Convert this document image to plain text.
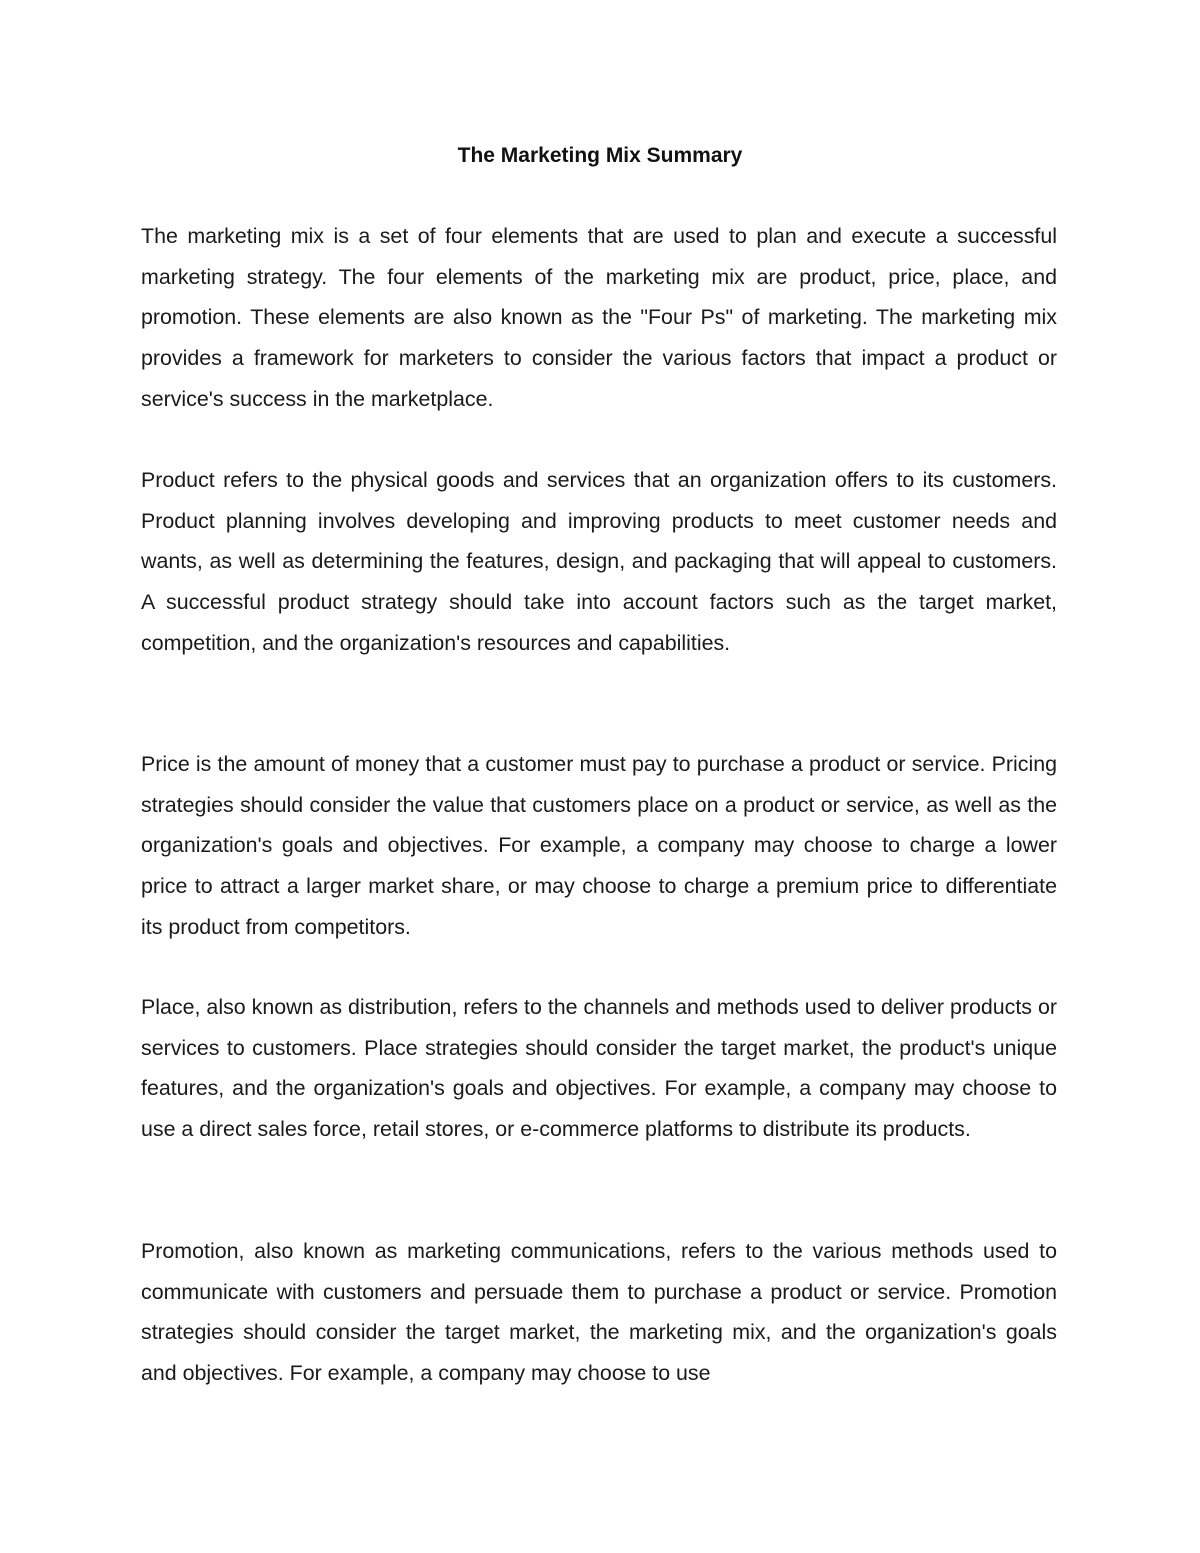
The Marketing Mix Summary

The marketing mix is a set of four elements that are used to plan and execute a successful marketing strategy. The four elements of the marketing mix are product, price, place, and promotion. These elements are also known as the "Four Ps" of marketing. The marketing mix provides a framework for marketers to consider the various factors that impact a product or service's success in the marketplace.

Product refers to the physical goods and services that an organization offers to its customers. Product planning involves developing and improving products to meet customer needs and wants, as well as determining the features, design, and packaging that will appeal to customers. A successful product strategy should take into account factors such as the target market, competition, and the organization's resources and capabilities.

Price is the amount of money that a customer must pay to purchase a product or service. Pricing strategies should consider the value that customers place on a product or service, as well as the organization's goals and objectives. For example, a company may choose to charge a lower price to attract a larger market share, or may choose to charge a premium price to differentiate its product from competitors.

Place, also known as distribution, refers to the channels and methods used to deliver products or services to customers. Place strategies should consider the target market, the product's unique features, and the organization's goals and objectives. For example, a company may choose to use a direct sales force, retail stores, or e-commerce platforms to distribute its products.

Promotion, also known as marketing communications, refers to the various methods used to communicate with customers and persuade them to purchase a product or service. Promotion strategies should consider the target market, the marketing mix, and the organization's goals and objectives. For example, a company may choose to use
